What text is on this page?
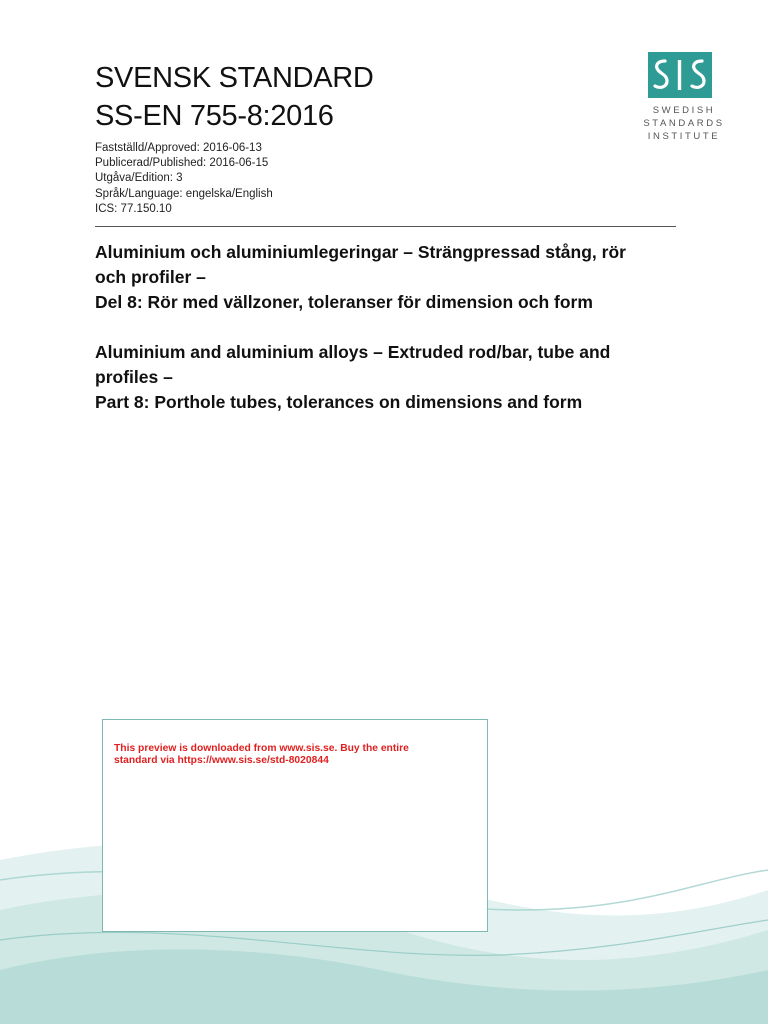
SVENSK STANDARD
SS-EN 755-8:2016
Fastställd/Approved: 2016-06-13
Publicerad/Published: 2016-06-15
Utgåva/Edition: 3
Språk/Language: engelska/English
ICS: 77.150.10
SWEDISH
STANDARDS
INSTITUTE
Aluminium och aluminiumlegeringar – Strängpressad stång, rör
och profiler –
Del 8: Rör med vällzoner, toleranser för dimension och form
Aluminium and aluminium alloys – Extruded rod/bar, tube and
profiles –
Part 8: Porthole tubes, tolerances on dimensions and form
This preview is downloaded from www.sis.se. Buy the entire
standard via https://www.sis.se/std-8020844
